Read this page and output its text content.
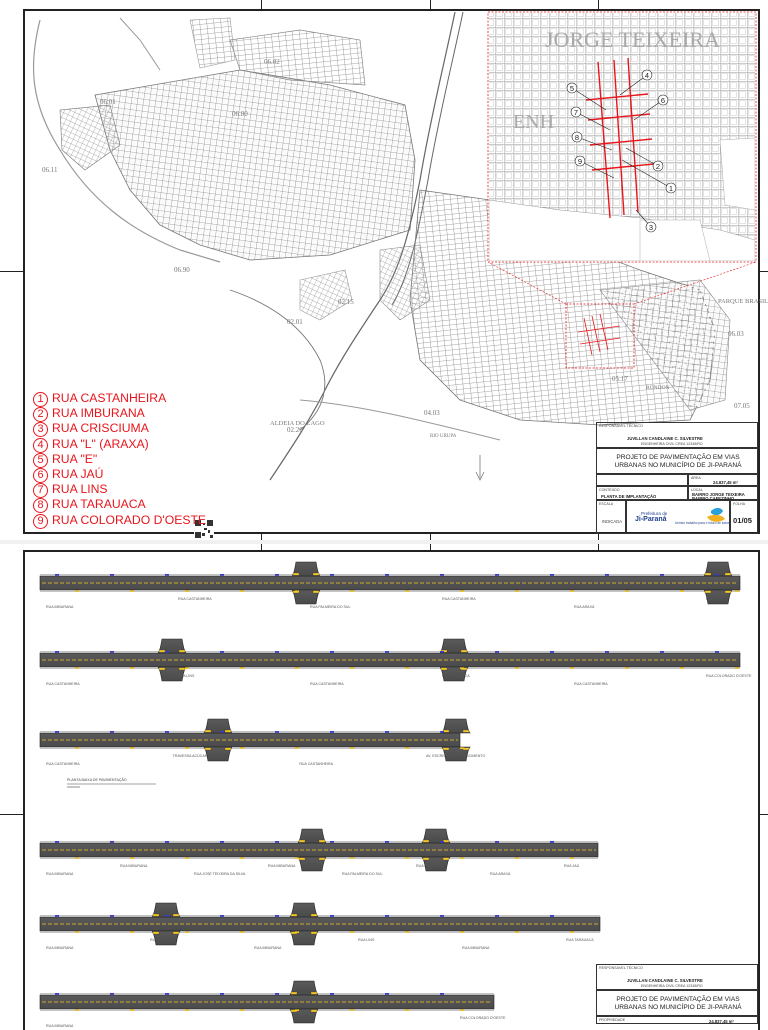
06.01
06.02
06.80
06.90
06.11
02.15
02.01
06.03
04.03
02.20
05.17
07.05
ALDEIA DO LAGO
RIO URUPA
PARQUE BRASIL
RONDON
JORGE TEIXEIRA
ENH
1
2
3
4
5
6
7
8
9
1 RUA CASTANHEIRA
2 RUA IMBURANA
3 RUA CRISCIUMA
4 RUA "L" (ARAXA)
5 RUA "E"
6 RUA JAÚ
7 RUA LINS
8 RUA TARAUACA
9 RUA COLORADO D'OESTE
RESPONSÁVEL TÉCNICO
JUVILLAN CANDLAINE C. SILVESTRE
ENGENHEIRA CIVIL CREA 12345/RO
PROJETO DE PAVIMENTAÇÃO EM VIAS
URBANAS NO MUNICÍPIO DE JI-PARANÁ
ÁREA
24.837,45 m²
CONTEÚDO
PLANTA DE IMPLANTAÇÃO
LOCAL
BAIRRO JORGE TEIXEIRA
BAIRRO CAFEZINHO
ESCALA
INDICADA
Prefeitura de
Ji-Paraná	Unindo trabalho para o futuro de todos
FOLHA
01/05
RUA IMBURANA
RUA CASTANHEIRA
RUA PALMEIRA DO SUL
RUA CASTANHEIRA
RUA ARAXÁ
RUA JAÚ
RUA CASTANHEIRA
RUA LINS
RUA CASTANHEIRA
RUA TARAUACA
RUA CASTANHEIRA
RUA COLORADO D'OESTE
RUA CASTANHEIRA
TRAVESSA ACÚCAR
RUA CASTANHEIRA
AV. ESCRIVINHA DO NASCIMENTO
RUA IMBURANA
RUA IMBURANA
RUA JOSÉ TEIXEIRA DA SILVA
RUA IMBURANA
RUA PALMEIRA DO SUL
RUA IMBURANA
RUA ARAXÁ
RUA JAÚ
RUA IMBURANA
RUA JAÚ
RUA IMBURANA
RUA LINS
RUA IMBURANA
RUA TARAUACA
RUA IMBURANA
RUA COLORADO D'OESTE
PLANTA BAIXA DE PAVIMENTAÇÃO
RESPONSÁVEL TÉCNICO
JUVILLAN CANDLAINE C. SILVESTRE
ENGENHEIRA CIVIL CREA 12345/RO
PROJETO DE PAVIMENTAÇÃO EM VIAS
URBANAS NO MUNICÍPIO DE JI-PARANÁ
PROPRIEDADE	24.837,45 m²
